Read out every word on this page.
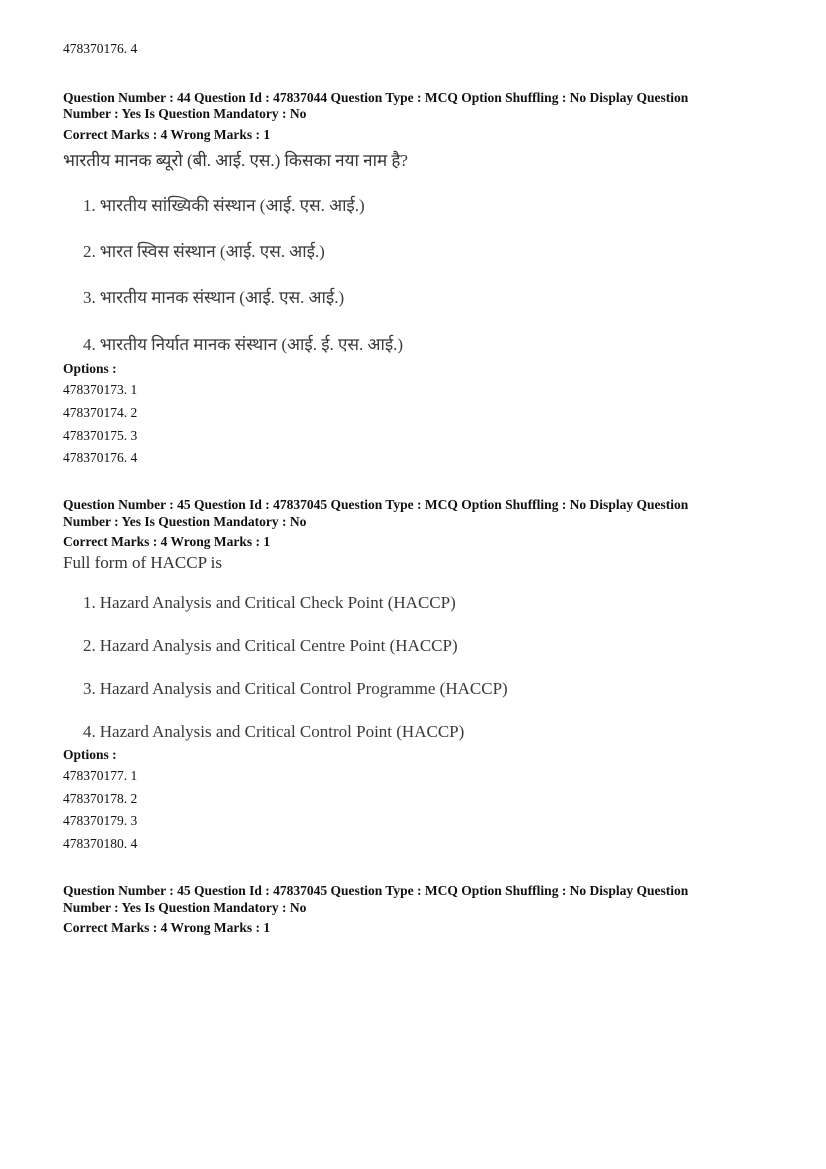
478370176. 4
Question Number : 44 Question Id : 47837044 Question Type : MCQ Option Shuffling : No Display Question
Number : Yes Is Question Mandatory : No
Correct Marks : 4 Wrong Marks : 1
भारतीय मानक ब्यूरो (बी. आई. एस.) किसका नया नाम है?
1. भारतीय सांख्यिकी संस्थान (आई. एस. आई.)
2. भारत स्विस संस्थान (आई. एस. आई.)
3. भारतीय मानक संस्थान (आई. एस. आई.)
4. भारतीय निर्यात मानक संस्थान (आई. ई. एस. आई.)
Options :
478370173. 1
478370174. 2
478370175. 3
478370176. 4
Question Number : 45 Question Id : 47837045 Question Type : MCQ Option Shuffling : No Display Question
Number : Yes Is Question Mandatory : No
Correct Marks : 4 Wrong Marks : 1
Full form of HACCP is
1. Hazard Analysis and Critical Check Point (HACCP)
2. Hazard Analysis and Critical Centre Point (HACCP)
3. Hazard Analysis and Critical Control Programme (HACCP)
4. Hazard Analysis and Critical Control Point (HACCP)
Options :
478370177. 1
478370178. 2
478370179. 3
478370180. 4
Question Number : 45 Question Id : 47837045 Question Type : MCQ Option Shuffling : No Display Question
Number : Yes Is Question Mandatory : No
Correct Marks : 4 Wrong Marks : 1
